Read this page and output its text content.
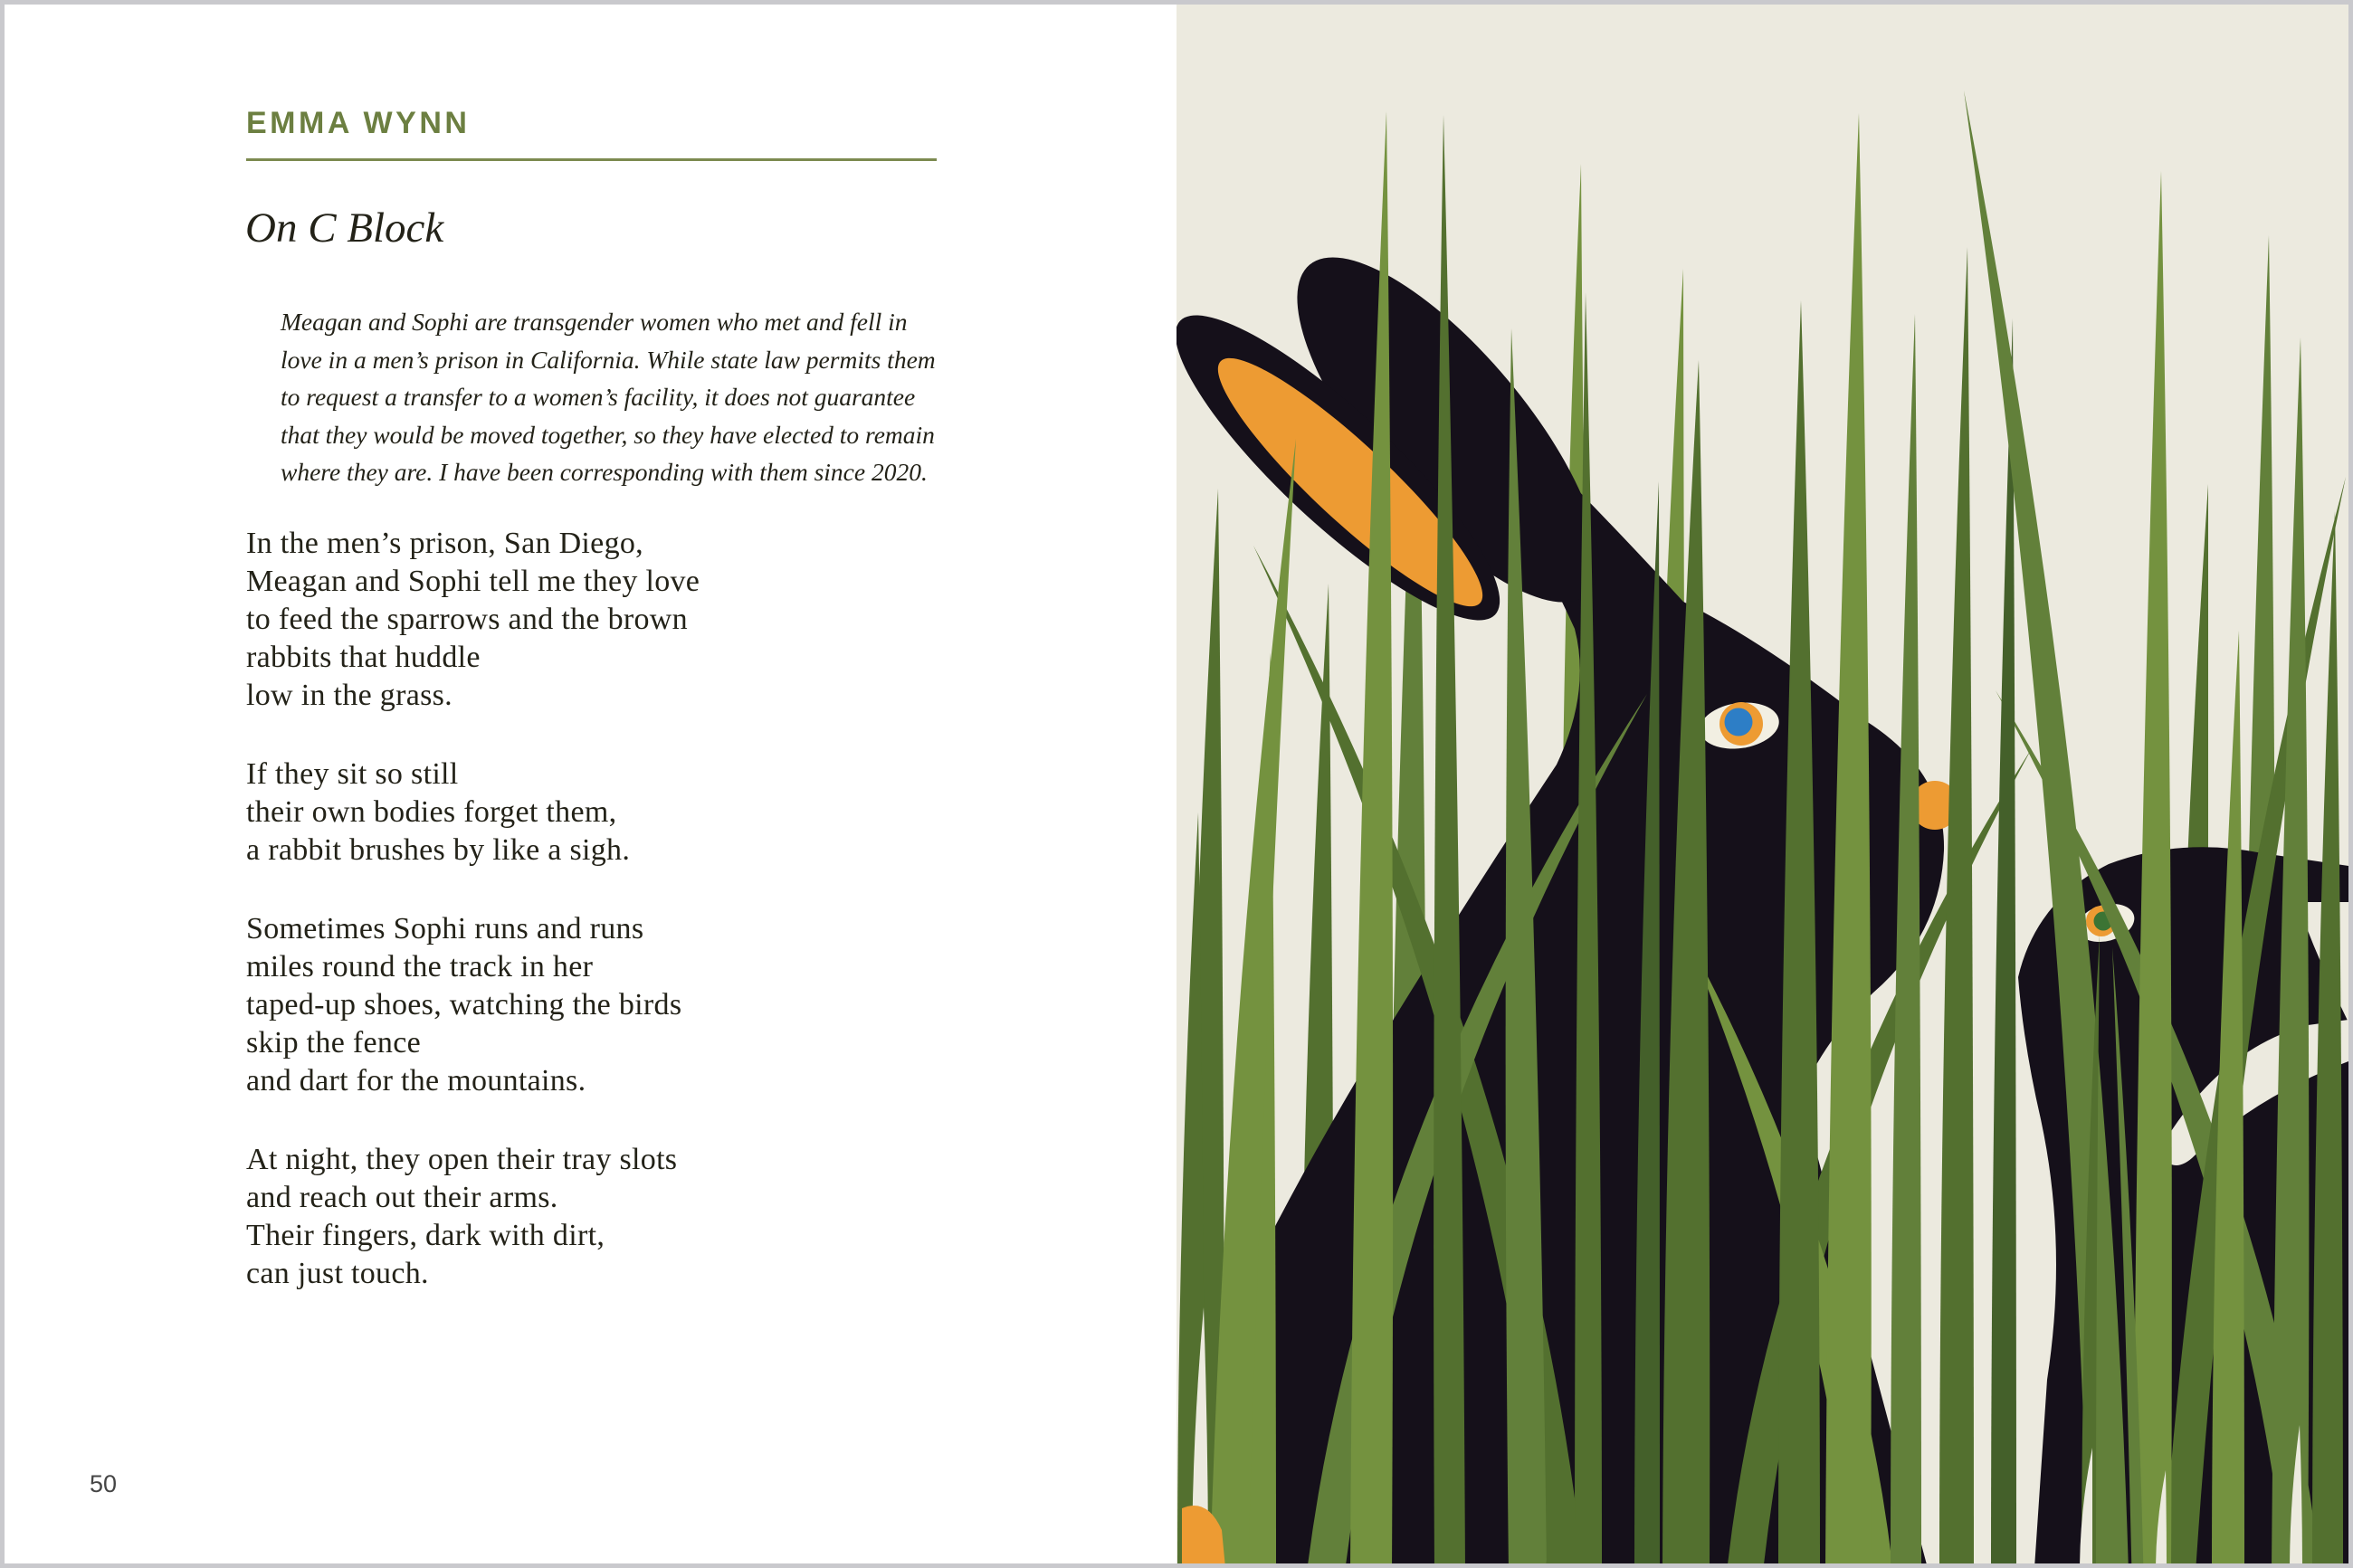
EMMA WYNN
On C Block
Meagan and Sophi are transgender women who met and fell in
love in a men’s prison in California. While state law permits them
to request a transfer to a women’s facility, it does not guarantee
that they would be moved together, so they have elected to remain
where they are. I have been corresponding with them since 2020.
In the men’s prison, San Diego,
Meagan and Sophi tell me they love
to feed the sparrows and the brown
rabbits that huddle
low in the grass.
If they sit so still
their own bodies forget them,
a rabbit brushes by like a sigh.
Sometimes Sophi runs and runs
miles round the track in her
taped-up shoes, watching the birds
skip the fence
and dart for the mountains.
At night, they open their tray slots
and reach out their arms.
Their fingers, dark with dirt,
can just touch.
50
